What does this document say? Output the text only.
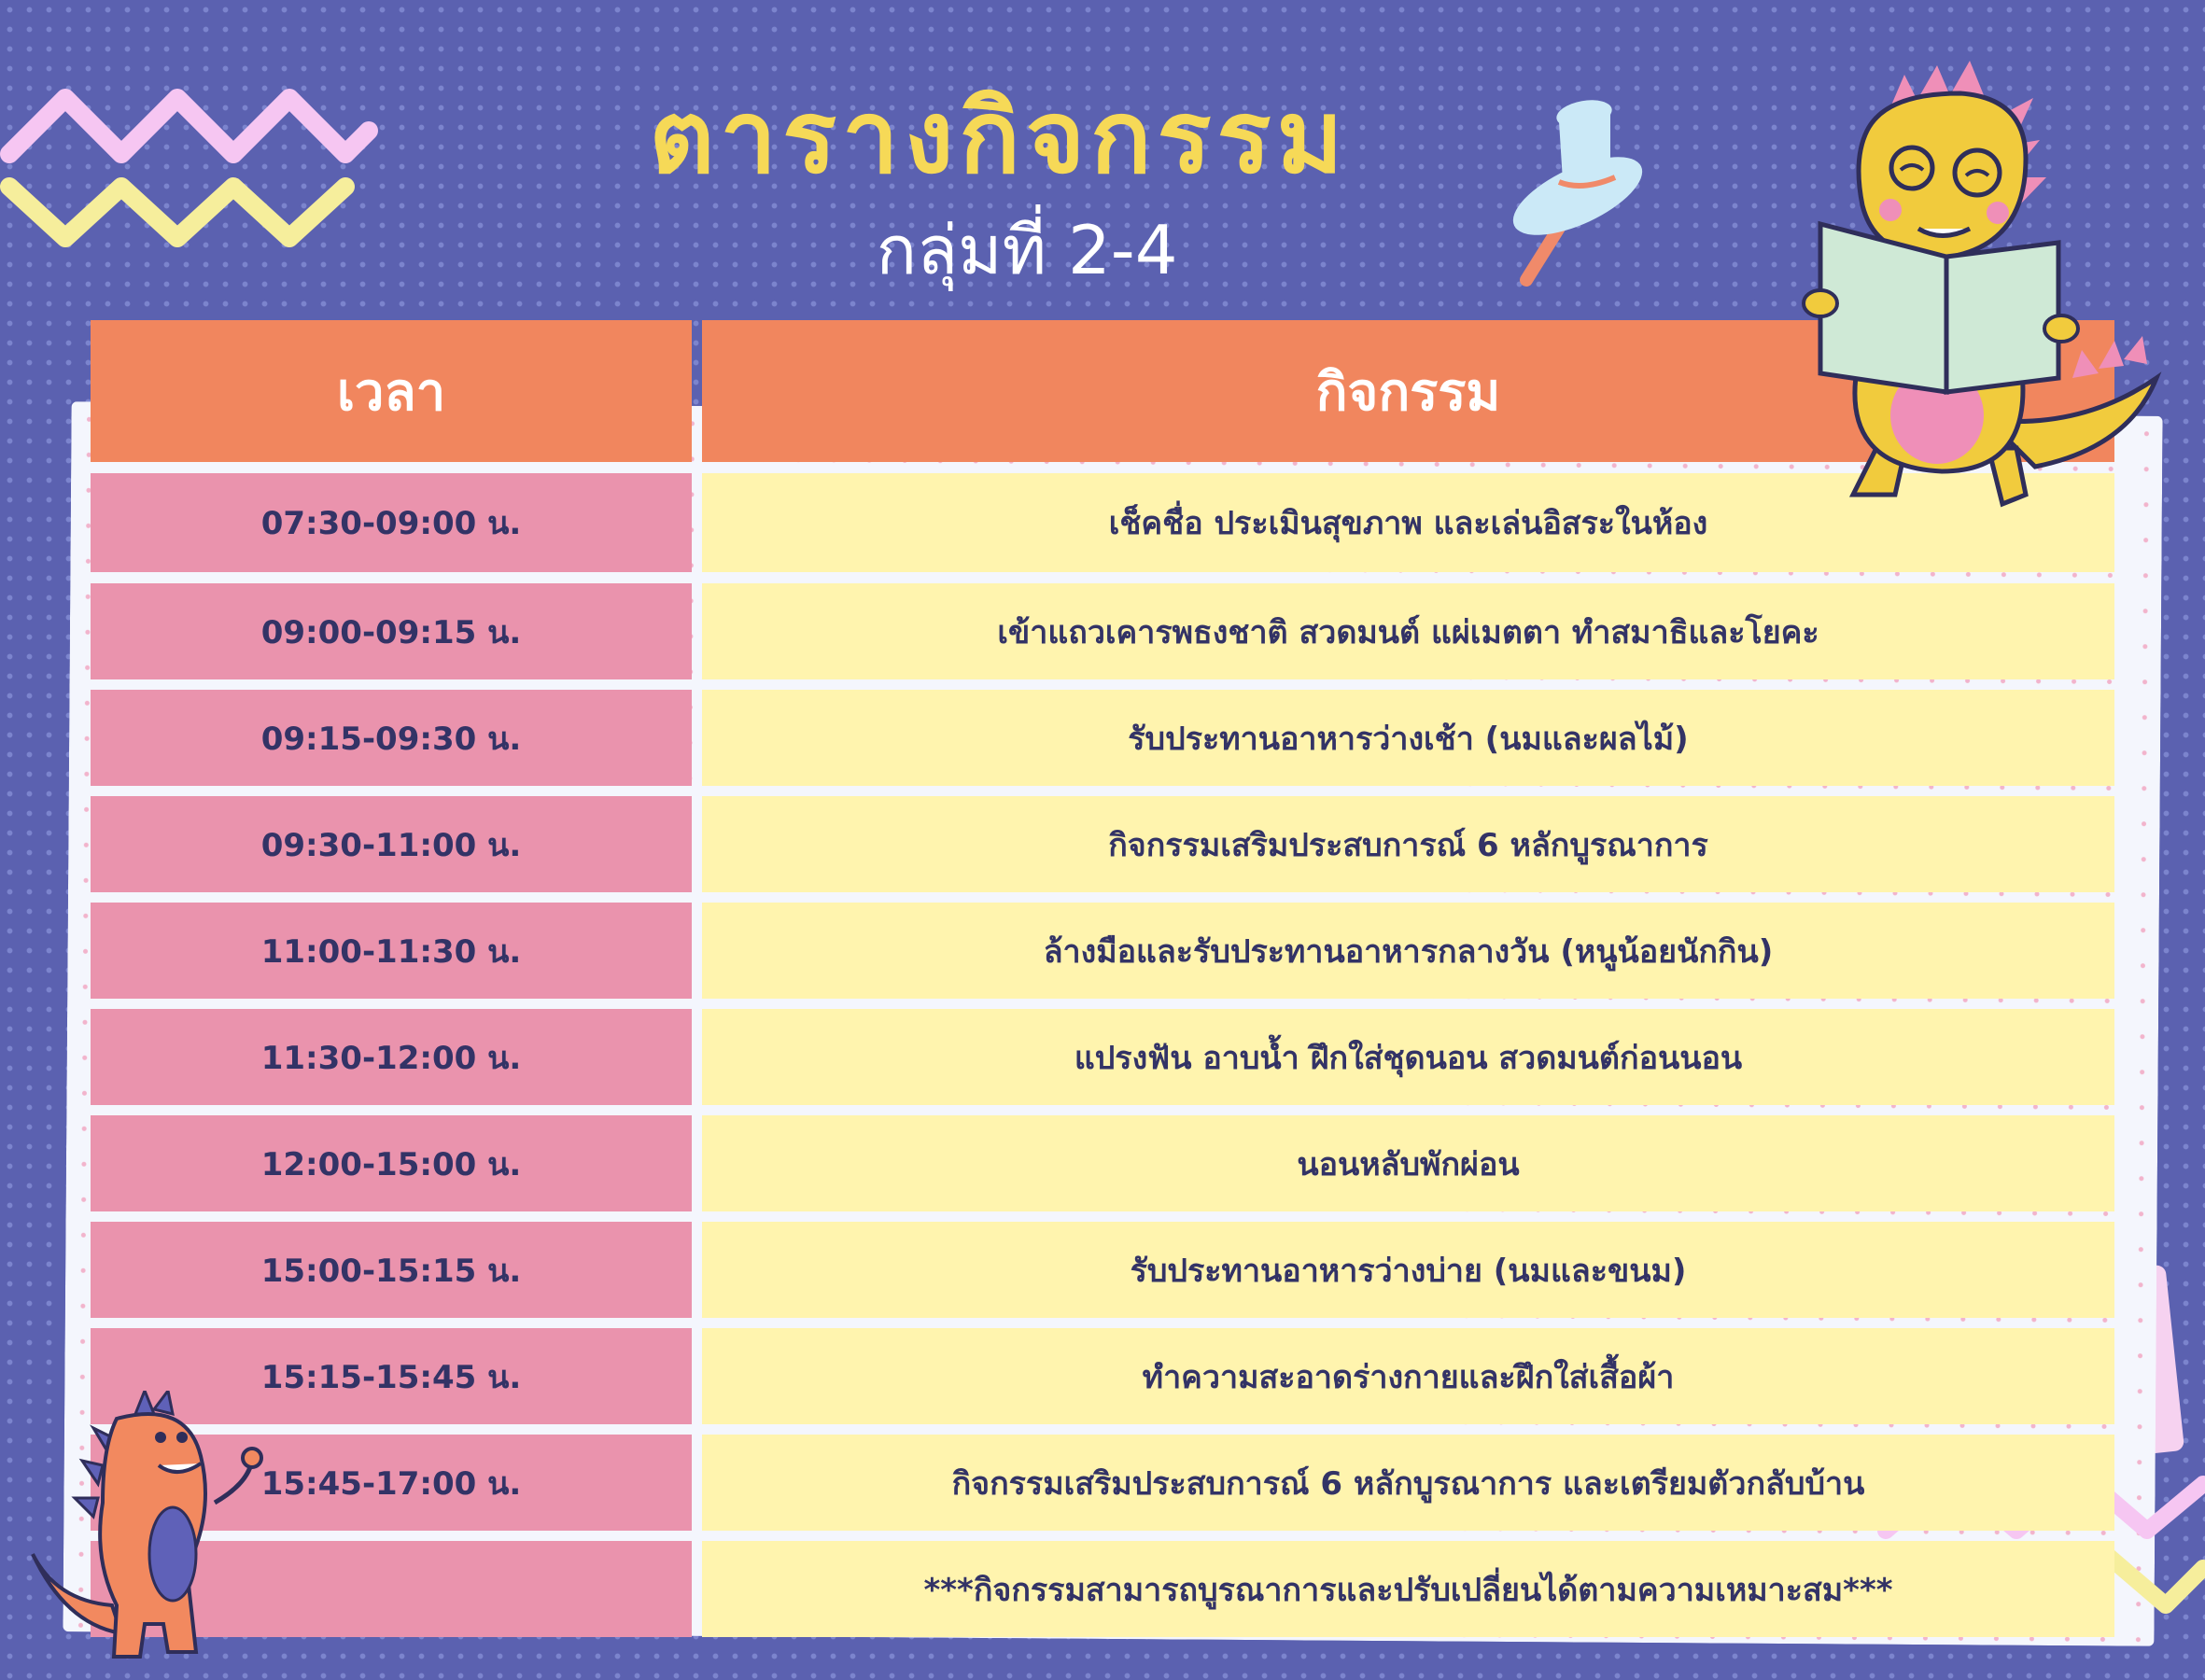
ตารางกิจกรรม
กลุ่มที่ 2-4
เวลา	กิจกรรม
07:30-09:00 น.	เช็คชื่อ ประเมินสุขภาพ และเล่นอิสระในห้อง
09:00-09:15 น.	เข้าแถวเคารพธงชาติ สวดมนต์ แผ่เมตตา ทำสมาธิและโยคะ
09:15-09:30 น.	รับประทานอาหารว่างเช้า (นมและผลไม้)
09:30-11:00 น.	กิจกรรมเสริมประสบการณ์ 6 หลักบูรณาการ
11:00-11:30 น.	ล้างมือและรับประทานอาหารกลางวัน (หนูน้อยนักกิน)
11:30-12:00 น.	แปรงฟัน อาบน้ำ ฝึกใส่ชุดนอน สวดมนต์ก่อนนอน
12:00-15:00 น.	นอนหลับพักผ่อน
15:00-15:15 น.	รับประทานอาหารว่างบ่าย (นมและขนม)
15:15-15:45 น.	ทำความสะอาดร่างกายและฝึกใส่เสื้อผ้า
15:45-17:00 น.	กิจกรรมเสริมประสบการณ์ 6 หลักบูรณาการ และเตรียมตัวกลับบ้าน
***กิจกรรมสามารถบูรณาการและปรับเปลี่ยนได้ตามความเหมาะสม***
